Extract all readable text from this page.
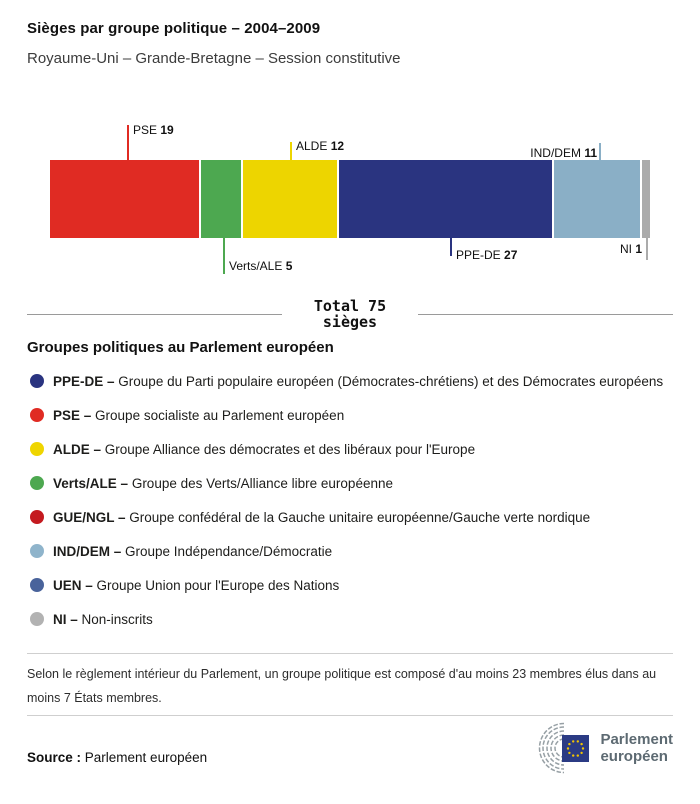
Sièges par groupe politique – 2004–2009

Royaume-Uni – Grande-Bretagne – Session constitutive

PSE 19
ALDE 12	IND/DEM 11
Verts/ALE 5
PPE-DE 27	NI 1
Total 75
sièges
Groupes politiques au Parlement européen

PPE-DE – Groupe du Parti populaire européen (Démocrates-chrétiens) et des Démocrates européens

PSE – Groupe socialiste au Parlement européen

ALDE – Groupe Alliance des démocrates et des libéraux pour l'Europe

Verts/ALE – Groupe des Verts/Alliance libre européenne

GUE/NGL – Groupe confédéral de la Gauche unitaire européenne/Gauche verte nordique

IND/DEM – Groupe Indépendance/Démocratie

UEN – Groupe Union pour l'Europe des Nations

NI – Non-inscrits

Selon le règlement intérieur du Parlement, un groupe politique est composé d'au moins 23 membres élus dans au moins 7 États membres.

Source : Parlement européen

Parlement
européen
